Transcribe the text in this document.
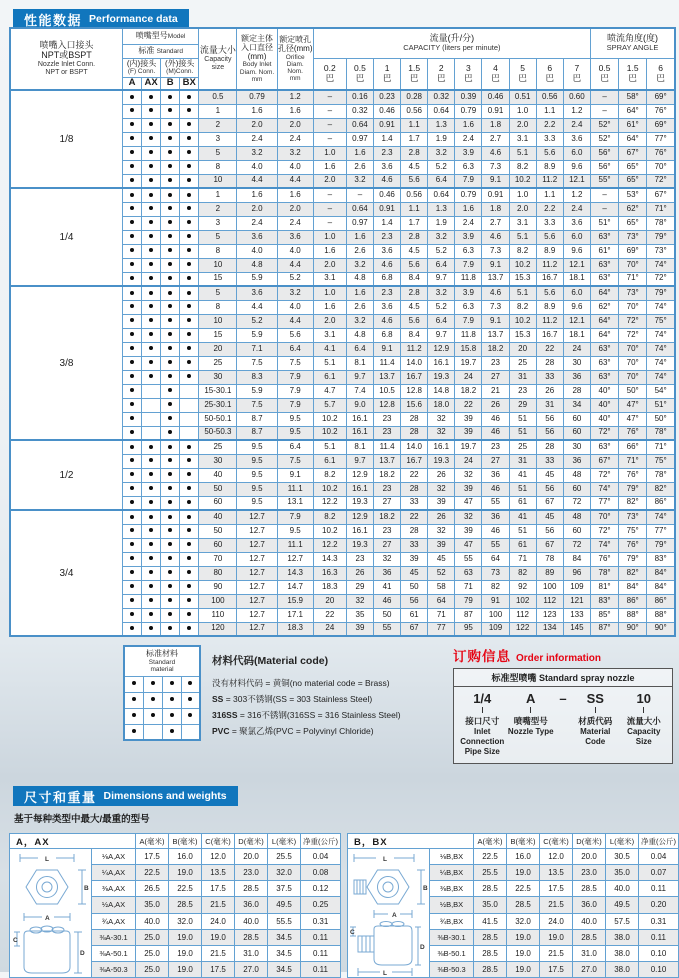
性能数据 Performance data
喷嘴入口接头
NPT或BSPT
Nozzle Inlet Conn.
NPT or BSPT
	喷嘴型号Model	
流量大小
Capacity size

额定主体
入口直径
(mm)
Body Inlet
Diam. Nom.
mm

额定喷孔
孔径(mm)
Orifice Diam.
Nom.
mm

流量(升/分)
CAPACITY (liters per minute)

喷流角度(度)
SPRAY ANGLE

	标准 Standard																			

(内)接头
(F) Conn.

(外)接头
(M)Conn.	0.2
巴

0.5
巴

1
巴

1.5
巴

2
巴

3
巴

4
巴

5
巴

6
巴

7
巴

0.5
巴

1.5
巴

6
巴

	A	AX	B	BX																
1/8					0.5	0.79	1.2	–	0.16	0.23	0.28	0.32	0.39	0.46	0.51	0.56	0.60	–	58°	69°
					1	1.6	1.6	–	0.32	0.46	0.56	0.64	0.79	0.91	1.0	1.1	1.2	–	64°	76°
					2	2.0	2.0	–	0.64	0.91	1.1	1.3	1.6	1.8	2.0	2.2	2.4	52°	61°	69°
					3	2.4	2.4	–	0.97	1.4	1.7	1.9	2.4	2.7	3.1	3.3	3.6	52°	64°	77°
					5	3.2	3.2	1.0	1.6	2.3	2.8	3.2	3.9	4.6	5.1	5.6	6.0	56°	67°	76°
					8	4.0	4.0	1.6	2.6	3.6	4.5	5.2	6.3	7.3	8.2	8.9	9.6	56°	65°	70°
					10	4.4	4.4	2.0	3.2	4.6	5.6	6.4	7.9	9.1	10.2	11.2	12.1	55°	65°	72°
1/4					1	1.6	1.6	–	–	0.46	0.56	0.64	0.79	0.91	1.0	1.1	1.2	–	53°	67°
					2	2.0	2.0	–	0.64	0.91	1.1	1.3	1.6	1.8	2.0	2.2	2.4	–	62°	71°
					3	2.4	2.4	–	0.97	1.4	1.7	1.9	2.4	2.7	3.1	3.3	3.6	51°	65°	78°
					5	3.6	3.6	1.0	1.6	2.3	2.8	3.2	3.9	4.6	5.1	5.6	6.0	63°	73°	79°
					8	4.0	4.0	1.6	2.6	3.6	4.5	5.2	6.3	7.3	8.2	8.9	9.6	61°	69°	73°
					10	4.8	4.4	2.0	3.2	4.6	5.6	6.4	7.9	9.1	10.2	11.2	12.1	63°	70°	74°
					15	5.9	5.2	3.1	4.8	6.8	8.4	9.7	11.8	13.7	15.3	16.7	18.1	63°	71°	72°
3/8					5	3.6	3.2	1.0	1.6	2.3	2.8	3.2	3.9	4.6	5.1	5.6	6.0	64°	73°	79°
					8	4.4	4.0	1.6	2.6	3.6	4.5	5.2	6.3	7.3	8.2	8.9	9.6	62°	70°	74°
					10	5.2	4.4	2.0	3.2	4.6	5.6	6.4	7.9	9.1	10.2	11.2	12.1	64°	72°	75°
					15	5.9	5.6	3.1	4.8	6.8	8.4	9.7	11.8	13.7	15.3	16.7	18.1	64°	72°	74°
					20	7.1	6.4	4.1	6.4	9.1	11.2	12.9	15.8	18.2	20	22	24	63°	70°	74°
					25	7.5	7.5	5.1	8.1	11.4	14.0	16.1	19.7	23	25	28	30	63°	70°	74°
					30	8.3	7.9	6.1	9.7	13.7	16.7	19.3	24	27	31	33	36	63°	70°	74°
					15-30.1	5.9	7.9	4.7	7.4	10.5	12.8	14.8	18.2	21	23	26	28	40°	50°	54°
					25-30.1	7.5	7.9	5.7	9.0	12.8	15.6	18.0	22	26	29	31	34	40°	47°	51°
					50-50.1	8.7	9.5	10.2	16.1	23	28	32	39	46	51	56	60	40°	47°	50°
					50-50.3	8.7	9.5	10.2	16.1	23	28	32	39	46	51	56	60	72°	76°	78°
1/2					25	9.5	6.4	5.1	8.1	11.4	14.0	16.1	19.7	23	25	28	30	63°	66°	71°
					30	9.5	7.5	6.1	9.7	13.7	16.7	19.3	24	27	31	33	36	67°	71°	75°
					40	9.5	9.1	8.2	12.9	18.2	22	26	32	36	41	45	48	72°	76°	78°
					50	9.5	11.1	10.2	16.1	23	28	32	39	46	51	56	60	74°	79°	82°
					60	9.5	13.1	12.2	19.3	27	33	39	47	55	61	67	72	77°	82°	86°
3/4					40	12.7	7.9	8.2	12.9	18.2	22	26	32	36	41	45	48	70°	73°	74°
					50	12.7	9.5	10.2	16.1	23	28	32	39	46	51	56	60	72°	75°	77°
					60	12.7	11.1	12.2	19.3	27	33	39	47	55	61	67	72	74°	76°	79°
					70	12.7	12.7	14.3	23	32	39	45	55	64	71	78	84	76°	79°	83°
					80	12.7	14.3	16.3	26	36	45	52	63	73	82	89	96	78°	82°	84°
					90	12.7	14.7	18.3	29	41	50	58	71	82	92	100	109	81°	84°	84°
					100	12.7	15.9	20	32	46	56	64	79	91	102	112	121	83°	86°	86°
					110	12.7	17.1	22	35	50	61	71	87	100	112	123	133	85°	88°	88°
					120	12.7	18.3	24	39	55	67	77	95	109	122	134	145	87°	90°	90°
标准材料
Standard
material			

材料代码(Material code)
没有材料代码 = 黄铜(no material code = Brass)
SS = 303不锈钢(SS = 303 Stainless Steel)
316SS = 316不锈钢(316SS = 316 Stainless Steel)
PVC = 聚氯乙烯(PVC = Polyvinyl Chloride)
订购信息 Order information
标准型喷嘴 Standard spray nozzle
1/4
接口尺寸
Inlet Connection Pipe Size
A
喷嘴型号
Nozzle Type
–	SS
材质代码
Material Code
10
流量大小
Capacity Size
尺寸和重量 Dimensions and weights
基于每种类型中最大/最重的型号
A，AX		A(毫米)	B(毫米)	C(毫米)	D(毫米)	L(毫米)	净重(公斤)

L
B
A
C
D	⅛A,AX	17.5	16.0	12.0	20.0	25.5	0.04
	¼A,AX	22.5	19.0	13.5	23.0	32.0	0.08
	⅜A,AX	26.5	22.5	17.5	28.5	37.5	0.12
	½A,AX	35.0	28.5	21.5	36.0	49.5	0.25
	¾A,AX	40.0	32.0	24.0	40.0	55.5	0.31
	⅜A-30.1	25.0	19.0	19.0	28.5	34.5	0.11
	⅜A-50.1	25.0	19.0	21.5	31.0	34.5	0.11
	⅜A-50.3	25.0	19.0	17.5	27.0	34.5	0.11
B，BX		A(毫米)	B(毫米)	C(毫米)	D(毫米)	L(毫米)	净重(公斤)

L
B
A
C
D
L
	⅛B,BX	22.5	16.0	12.0	20.0	30.5	0.04
	¼B,BX	25.5	19.0	13.5	23.0	35.0	0.07
	⅜B,BX	28.5	22.5	17.5	28.5	40.0	0.11
	½B,BX	35.0	28.5	21.5	36.0	49.5	0.20
	¾B,BX	41.5	32.0	24.0	40.0	57.5	0.31
	⅜B-30.1	28.5	19.0	19.0	28.5	38.0	0.11
	⅜B-50.1	28.5	19.0	21.5	31.0	38.0	0.10
	⅜B-50.3	28.5	19.0	17.5	27.0	38.0	0.10
